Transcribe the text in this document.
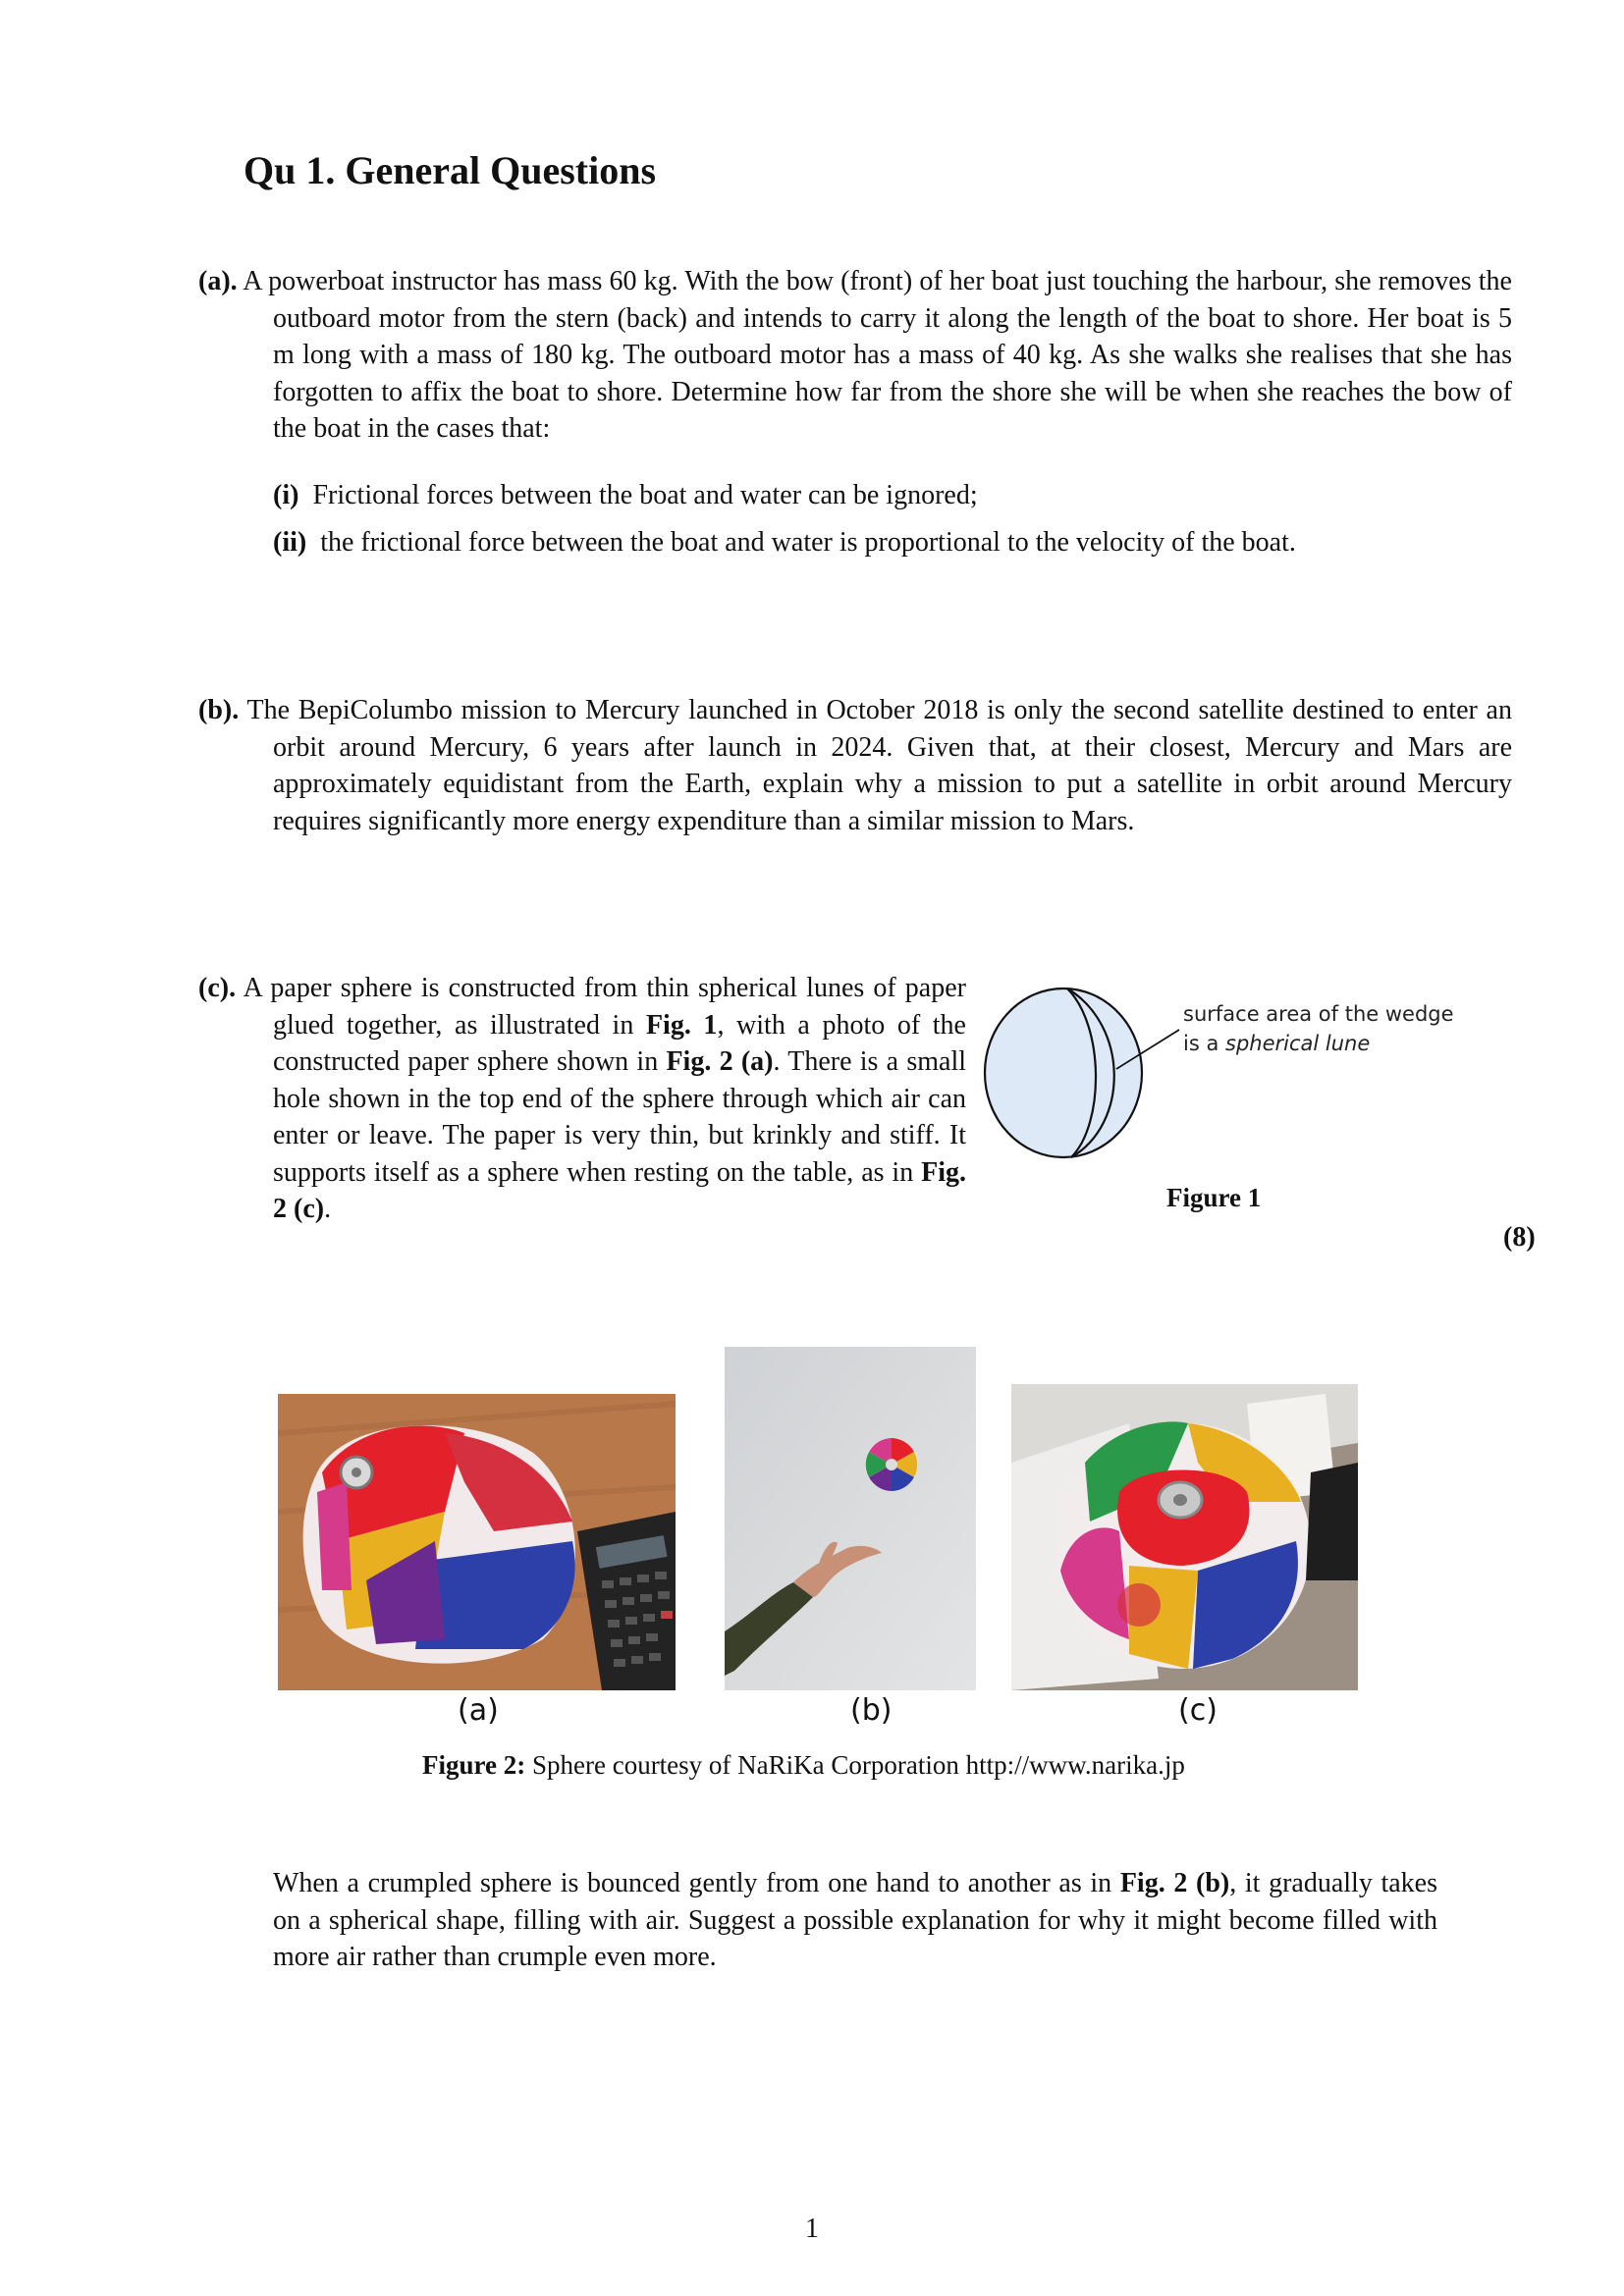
Qu 1. General Questions
(a). A powerboat instructor has mass 60 kg. With the bow (front) of her boat just touching the harbour, she removes the outboard motor from the stern (back) and intends to carry it along the length of the boat to shore. Her boat is 5 m long with a mass of 180 kg. The outboard motor has a mass of 40 kg. As she walks she realises that she has forgotten to affix the boat to shore. Determine how far from the shore she will be when she reaches the bow of the boat in the cases that:
(i) Frictional forces between the boat and water can be ignored;
(ii) the frictional force between the boat and water is proportional to the velocity of the boat.
(b). The BepiColumbo mission to Mercury launched in October 2018 is only the second satellite destined to enter an orbit around Mercury, 6 years after launch in 2024. Given that, at their closest, Mercury and Mars are approximately equidistant from the Earth, explain why a mission to put a satellite in orbit around Mercury requires significantly more energy expenditure than a similar mission to Mars.
(c). A paper sphere is constructed from thin spherical lunes of paper glued together, as illustrated in Fig. 1, with a photo of the constructed paper sphere shown in Fig. 2 (a). There is a small hole shown in the top end of the sphere through which air can enter or leave. The paper is very thin, but krinkly and stiff. It supports itself as a sphere when resting on the table, as in Fig. 2 (c).
surface area of the wedge
is a spherical lune
Figure 1
(8)
(a)	(b)	(c)
Figure 2: Sphere courtesy of NaRiKa Corporation http://www.narika.jp
When a crumpled sphere is bounced gently from one hand to another as in Fig. 2 (b), it gradually takes on a spherical shape, filling with air. Suggest a possible explanation for why it might become filled with more air rather than crumple even more.
1
